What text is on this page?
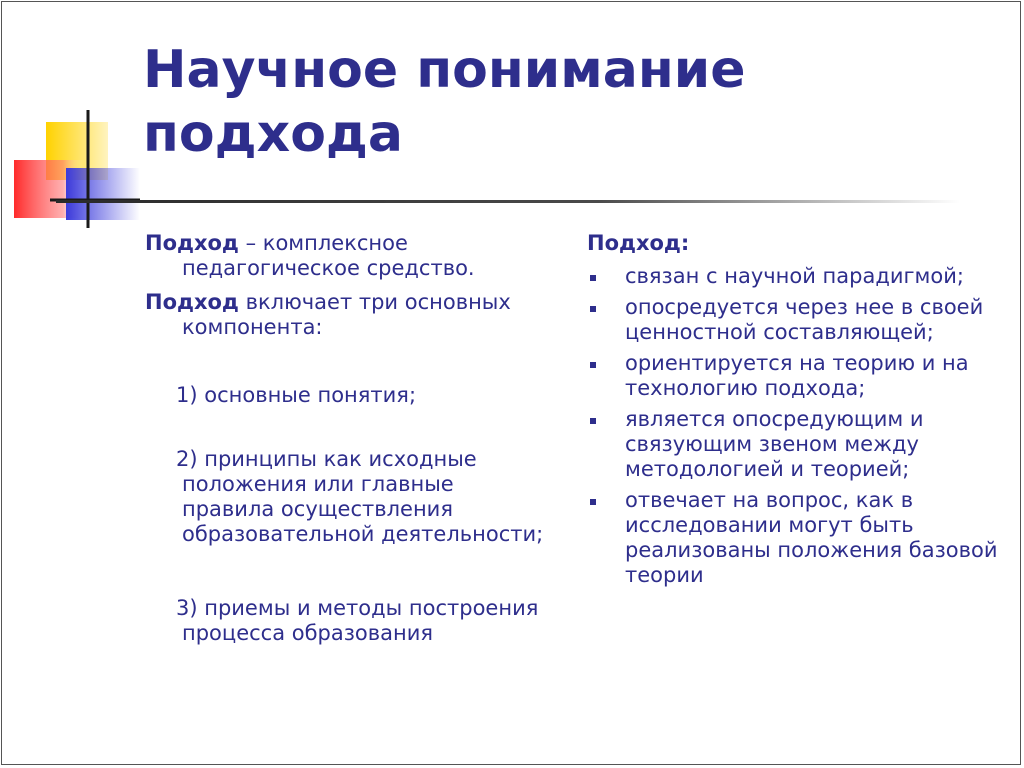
Научное понимание
подхода

Подход – комплексное педагогическое средство.

Подход включает три основных компонента:

1) основные понятия;

2) принципы как исходные положения или главные правила осуществления образовательной деятельности;

3) приемы и методы построения процесса образования

Подход:

связан с научной парадигмой;
опосредуется через нее в своей ценностной составляющей;
ориентируется на теорию и на технологию подхода;
является опосредующим и связующим звеном между методологией и теорией;
отвечает на вопрос, как в исследовании могут быть реализованы положения базовой теории
